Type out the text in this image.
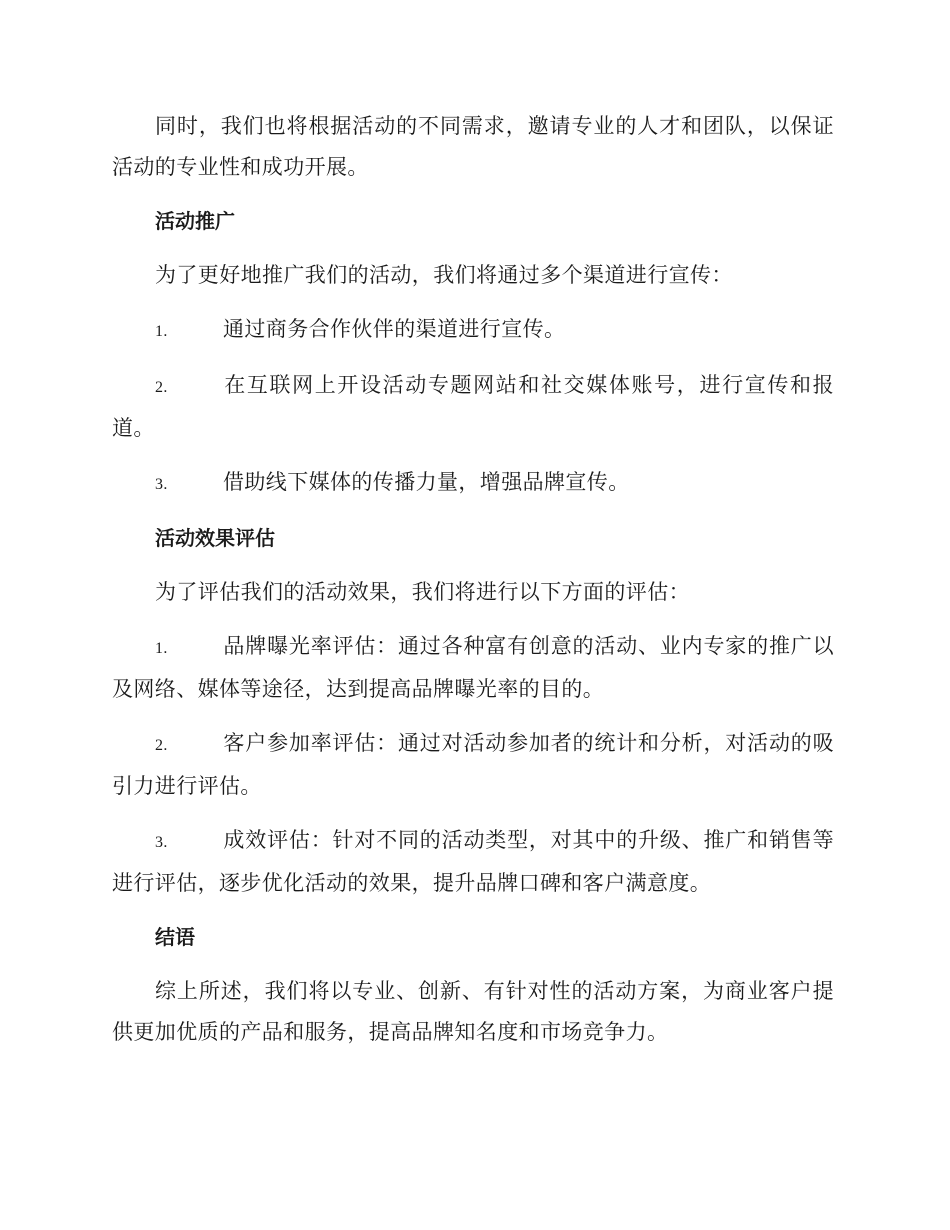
同时，我们也将根据活动的不同需求，邀请专业的人才和团队，以保证活动的专业性和成功开展。

活动推广

为了更好地推广我们的活动，我们将通过多个渠道进行宣传：

1.	通过商务合作伙伴的渠道进行宣传。

2.	在互联网上开设活动专题网站和社交媒体账号，进行宣传和报道。

3.	借助线下媒体的传播力量，增强品牌宣传。

活动效果评估

为了评估我们的活动效果，我们将进行以下方面的评估：

1.	品牌曝光率评估：通过各种富有创意的活动、业内专家的推广以及网络、媒体等途径，达到提高品牌曝光率的目的。

2.	客户参加率评估：通过对活动参加者的统计和分析，对活动的吸引力进行评估。

3.	成效评估：针对不同的活动类型，对其中的升级、推广和销售等进行评估，逐步优化活动的效果，提升品牌口碑和客户满意度。

结语

综上所述，我们将以专业、创新、有针对性的活动方案，为商业客户提供更加优质的产品和服务，提高品牌知名度和市场竞争力。
